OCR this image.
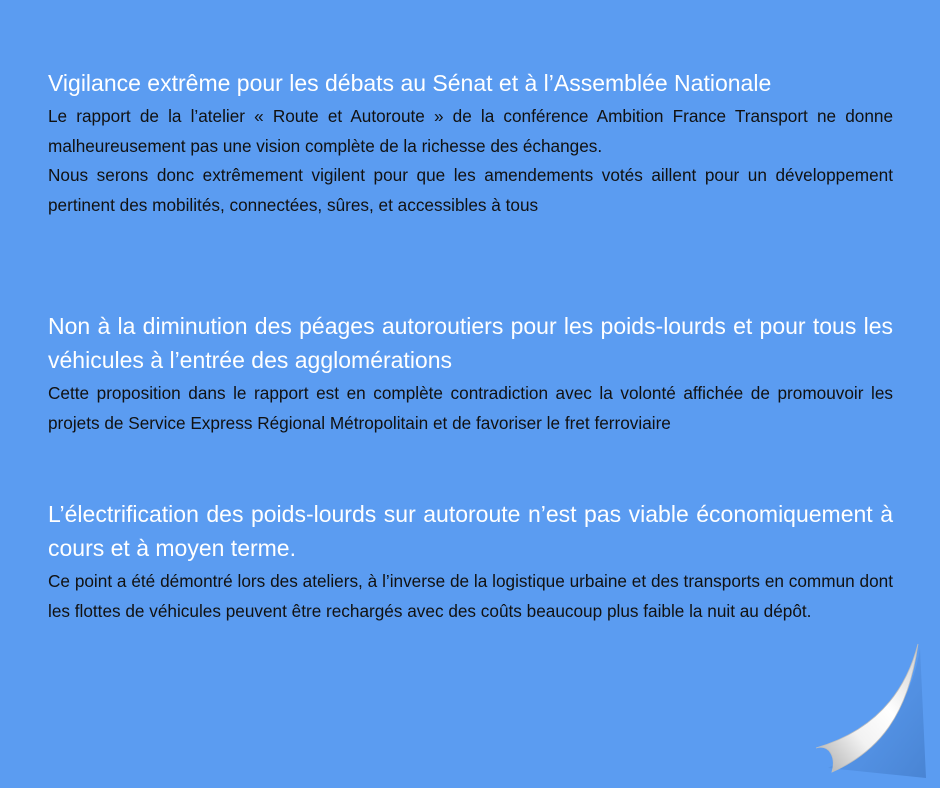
Vigilance extrême pour les débats au Sénat et à l’Assemblée Nationale

Le rapport de la l’atelier « Route et Autoroute » de la conférence Ambition France Transport ne donne malheureusement pas une vision complète de la richesse des échanges.

Nous serons donc extrêmement vigilent pour que les amendements votés aillent pour un développement pertinent des mobilités, connectées, sûres, et accessibles à tous

Non à la diminution des péages autoroutiers pour les poids-lourds et pour tous les véhicules à l’entrée des agglomérations

Cette proposition dans le rapport est en complète contradiction avec la volonté affichée de promouvoir les projets de Service Express Régional Métropolitain et de favoriser le fret ferroviaire

L’électrification des poids-lourds sur autoroute n’est pas viable économiquement à cours et à moyen terme.

Ce point a été démontré lors des ateliers, à l’inverse de la logistique urbaine et des transports en commun dont les flottes de véhicules peuvent être rechargés avec des coûts beaucoup plus faible la nuit au dépôt.
